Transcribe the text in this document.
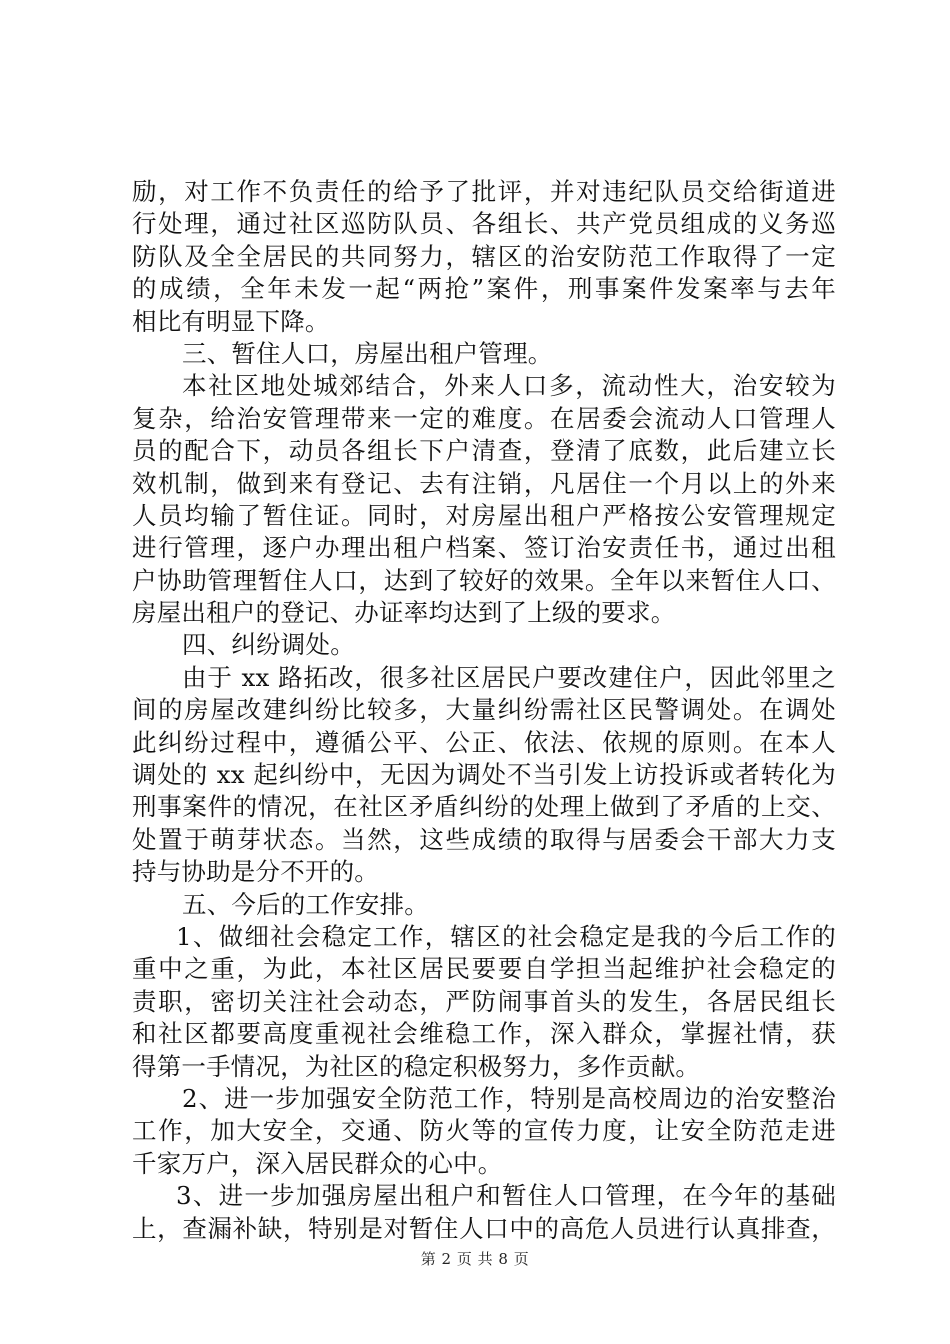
励，对工作不负责任的给予了批评，并对违纪队员交给街道进
行处理，通过社区巡防队员、各组长、共产党员组成的义务巡
防队及全全居民的共同努力，辖区的治安防范工作取得了一定
的成绩，全年未发一起“两抢”案件，刑事案件发案率与去年
相比有明显下降。
三、暂住人口，房屋出租户管理。
本社区地处城郊结合，外来人口多，流动性大，治安较为
复杂，给治安管理带来一定的难度。在居委会流动人口管理人
员的配合下，动员各组长下户清查，登清了底数，此后建立长
效机制，做到来有登记、去有注销，凡居住一个月以上的外来
人员均输了暂住证。同时，对房屋出租户严格按公安管理规定
进行管理，逐户办理出租户档案、签订治安责任书，通过出租
户协助管理暂住人口，达到了较好的效果。全年以来暂住人口、
房屋出租户的登记、办证率均达到了上级的要求。
四、纠纷调处。
由于 xx 路拓改，很多社区居民户要改建住户，因此邻里之
间的房屋改建纠纷比较多，大量纠纷需社区民警调处。在调处
此纠纷过程中，遵循公平、公正、依法、依规的原则。在本人
调处的 xx 起纠纷中，无因为调处不当引发上访投诉或者转化为
刑事案件的情况，在社区矛盾纠纷的处理上做到了矛盾的上交、
处置于萌芽状态。当然，这些成绩的取得与居委会干部大力支
持与协助是分不开的。
五、今后的工作安排。
1、做细社会稳定工作，辖区的社会稳定是我的今后工作的
重中之重，为此，本社区居民要要自学担当起维护社会稳定的
责职，密切关注社会动态，严防闹事首头的发生，各居民组长
和社区都要高度重视社会维稳工作，深入群众，掌握社情，获
得第一手情况，为社区的稳定积极努力，多作贡献。
2、进一步加强安全防范工作，特别是高校周边的治安整治
工作，加大安全，交通、防火等的宣传力度，让安全防范走进
千家万户，深入居民群众的心中。
3、进一步加强房屋出租户和暂住人口管理，在今年的基础
上，查漏补缺，特别是对暂住人口中的高危人员进行认真排查，
第 2 页 共 8 页
